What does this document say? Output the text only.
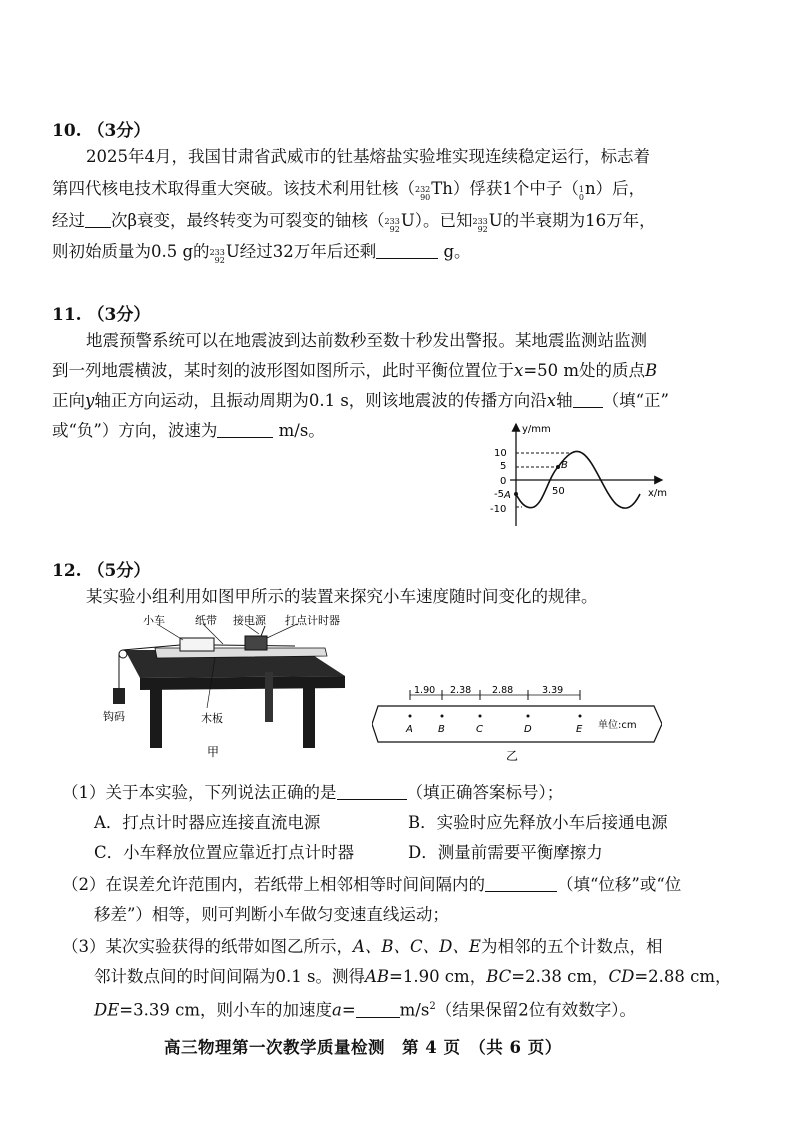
10. （3分）
2025年4月，我国甘肃省武威市的钍基熔盐实验堆实现连续稳定运行，标志着
第四代核电技术取得重大突破。该技术利用钍核（ 232
90 Th）俘获1个中子（ 1
0 n）后，
经过 次β衰变，最终转变为可裂变的铀核（ 233
92 U）。已知 233
92 U的半衰期为16万年，
则初始质量为0.5 g的 233
92 U经过32万年后还剩	g。
11. （3分）
地震预警系统可以在地震波到达前数秒至数十秒发出警报。某地震监测站监测
到一列地震横波，某时刻的波形图如图所示，此时平衡位置位于x=50 m处的质点B
正向y轴正方向运动，且振动周期为0.1 s，则该地震波的传播方向沿x轴 （填“正”
或“负”）方向，波速为	m/s。	y/mm
x/m
10
5
0
-5
-10
A
B
50
12. （5分）
某实验小组利用如图甲所示的装置来探究小车速度随时间变化的规律。
小车	纸带 接电源 打点计时器
钩码	木板
甲
1.90 2.38 2.88	3.39
A	B	C	D	E 单位:cm
乙
（1）关于本实验，下列说法正确的是	（填正确答案标号）；
A．打点计时器应连接直流电源	B．实验时应先释放小车后接通电源
C．小车释放位置应靠近打点计时器	D．测量前需要平衡摩擦力
（2）在误差允许范围内，若纸带上相邻相等时间间隔内的	（填“位移”或“位
移差”）相等，则可判断小车做匀变速直线运动；
（3）某次实验获得的纸带如图乙所示，A、B、C、D、E为相邻的五个计数点，相
邻计数点间的时间间隔为0.1 s。测得AB=1.90 cm，BC=2.38 cm，CD=2.88 cm，
DE=3.39 cm，则小车的加速度a=	$m/s^2$（结果保留2位有效数字）。
高三物理第一次教学质量检测　第 4 页　（共 6 页）
